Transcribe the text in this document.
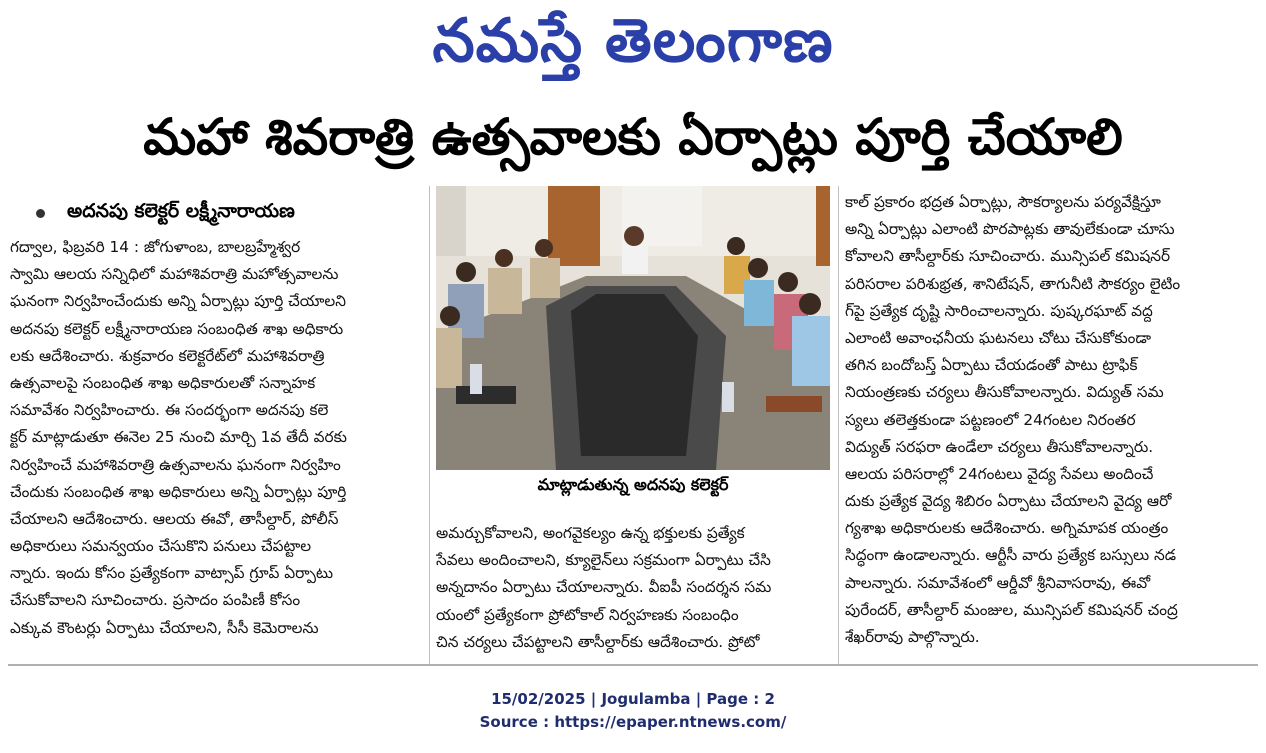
నమస్తే తెలంగాణ
మహా శివరాత్రి ఉత్సవాలకు ఏర్పాట్లు పూర్తి చేయాలి
అదనపు కలెక్టర్ లక్ష్మీనారాయణ
గద్వాల, ఫిబ్రవరి 14 : జోగుళాంబ, బాలబ్రహ్మేశ్వర
స్వామి ఆలయ సన్నిధిలో మహాశివరాత్రి మహోత్సవాలను
ఘనంగా నిర్వహించేందుకు అన్ని ఏర్పాట్లు పూర్తి చేయాలని
అదనపు కలెక్టర్ లక్ష్మీనారాయణ సంబంధిత శాఖ అధికారు
లకు ఆదేశించారు. శుక్రవారం కలెక్టరేట్‌లో మహాశివరాత్రి
ఉత్సవాలపై సంబంధిత శాఖ అధికారులతో సన్నాహక
సమావేశం నిర్వహించారు. ఈ సందర్భంగా అదనపు కలె
క్టర్ మాట్లాడుతూ ఈనెల 25 నుంచి మార్చి 1వ తేదీ వరకు
నిర్వహించే మహాశివరాత్రి ఉత్సవాలను ఘనంగా నిర్వహిం
చేందుకు సంబంధిత శాఖ అధికారులు అన్ని ఏర్పాట్లు పూర్తి
చేయాలని ఆదేశించారు. ఆలయ ఈవో, తాసీల్దార్, పోలీస్
అధికారులు సమన్వయం చేసుకొని పనులు చేపట్టాల
న్నారు. ఇందు కోసం ప్రత్యేకంగా వాట్సాప్ గ్రూప్ ఏర్పాటు
చేసుకోవాలని సూచించారు. ప్రసాదం పంపిణీ కోసం
ఎక్కువ కౌంటర్లు ఏర్పాటు చేయాలని, సీసీ కెమెరాలను
మాట్లాడుతున్న అదనపు కలెక్టర్
అమర్చుకోవాలని, అంగవైకల్యం ఉన్న భక్తులకు ప్రత్యేక
సేవలు అందించాలని, క్యూలైన్‌లు సక్రమంగా ఏర్పాటు చేసి
అన్నదానం ఏర్పాటు చేయాలన్నారు. వీఐపీ సందర్శన సమ
యంలో ప్రత్యేకంగా ప్రోటోకాల్ నిర్వహణకు సంబంధిం
చిన చర్యలు చేపట్టాలని తాసీల్దార్‌కు ఆదేశించారు. ప్రోటో
కాల్ ప్రకారం భద్రత ఏర్పాట్లు, సౌకర్యాలను పర్యవేక్షిస్తూ
అన్ని ఏర్పాట్లు ఎలాంటి పొరపాట్లకు తావులేకుండా చూసు
కోవాలని తాసీల్దార్‌కు సూచించారు. మున్సిపల్ కమిషనర్
పరిసరాల పరిశుభ్రత, శానిటేషన్, తాగునీటి సౌకర్యం లైటిం
గ్‌పై ప్రత్యేక దృష్టి సారించాలన్నారు. పుష్కరఘాట్ వద్ద
ఎలాంటి అవాంఛనీయ ఘటనలు చోటు చేసుకోకుండా
తగిన బందోబస్త్ ఏర్పాటు చేయడంతో పాటు ట్రాఫిక్
నియంత్రణకు చర్యలు తీసుకోవాలన్నారు. విద్యుత్ సమ
స్యలు తలెత్తకుండా పట్టణంలో 24గంటల నిరంతర
విద్యుత్ సరఫరా ఉండేలా చర్యలు తీసుకోవాలన్నారు.
ఆలయ పరిసరాల్లో 24గంటలు వైద్య సేవలు అందించే
దుకు ప్రత్యేక వైద్య శిబిరం ఏర్పాటు చేయాలని వైద్య ఆరో
గ్యశాఖ అధికారులకు ఆదేశించారు. అగ్నిమాపక యంత్రం
సిద్ధంగా ఉండాలన్నారు. ఆర్టీసీ వారు ప్రత్యేక బస్సులు నడ
పాలన్నారు. సమావేశంలో ఆర్డీవో శ్రీనివాసరావు, ఈవో
పురేందర్, తాసీల్దార్ మంజుల, మున్సిపల్ కమిషనర్ చంద్ర
శేఖర్‌రావు పాల్గొన్నారు.
15/02/2025 | Jogulamba | Page : 2
Source : https://epaper.ntnews.com/
